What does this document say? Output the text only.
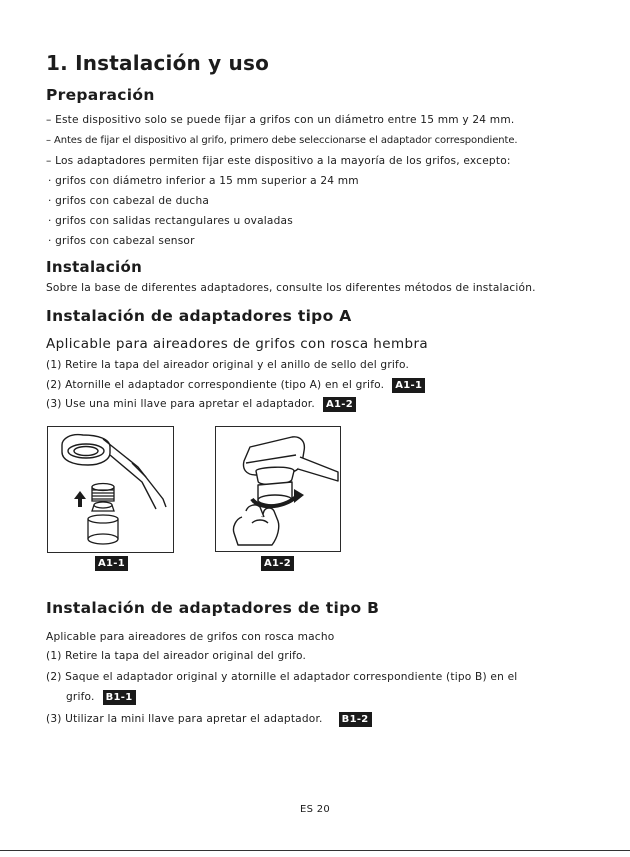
1. Instalación y uso
Preparación
– Este dispositivo solo se puede fijar a grifos con un diámetro entre 15 mm y 24 mm.
– Antes de fijar el dispositivo al grifo, primero debe seleccionarse el adaptador correspondiente.
– Los adaptadores permiten fijar este dispositivo a la mayoría de los grifos, excepto:
· grifos con diámetro inferior a 15 mm superior a 24 mm
· grifos con cabezal de ducha
· grifos con salidas rectangulares u ovaladas
· grifos con cabezal sensor
Instalación
Sobre la base de diferentes adaptadores, consulte los diferentes métodos de instalación.
Instalación de adaptadores tipo A
Aplicable para aireadores de grifos con rosca hembra
(1) Retire la tapa del aireador original y el anillo de sello del grifo.
(2) Atornille el adaptador correspondiente (tipo A) en el grifo. A1-1
(3) Use una mini llave para apretar el adaptador. A1-2
A1-1	A1-2
Instalación de adaptadores de tipo B
Aplicable para aireadores de grifos con rosca macho
(1) Retire la tapa del aireador original del grifo.
(2) Saque el adaptador original y atornille el adaptador correspondiente (tipo B) en el
grifo. B1-1
(3) Utilizar la mini llave para apretar el adaptador. B1-2
ES 20
